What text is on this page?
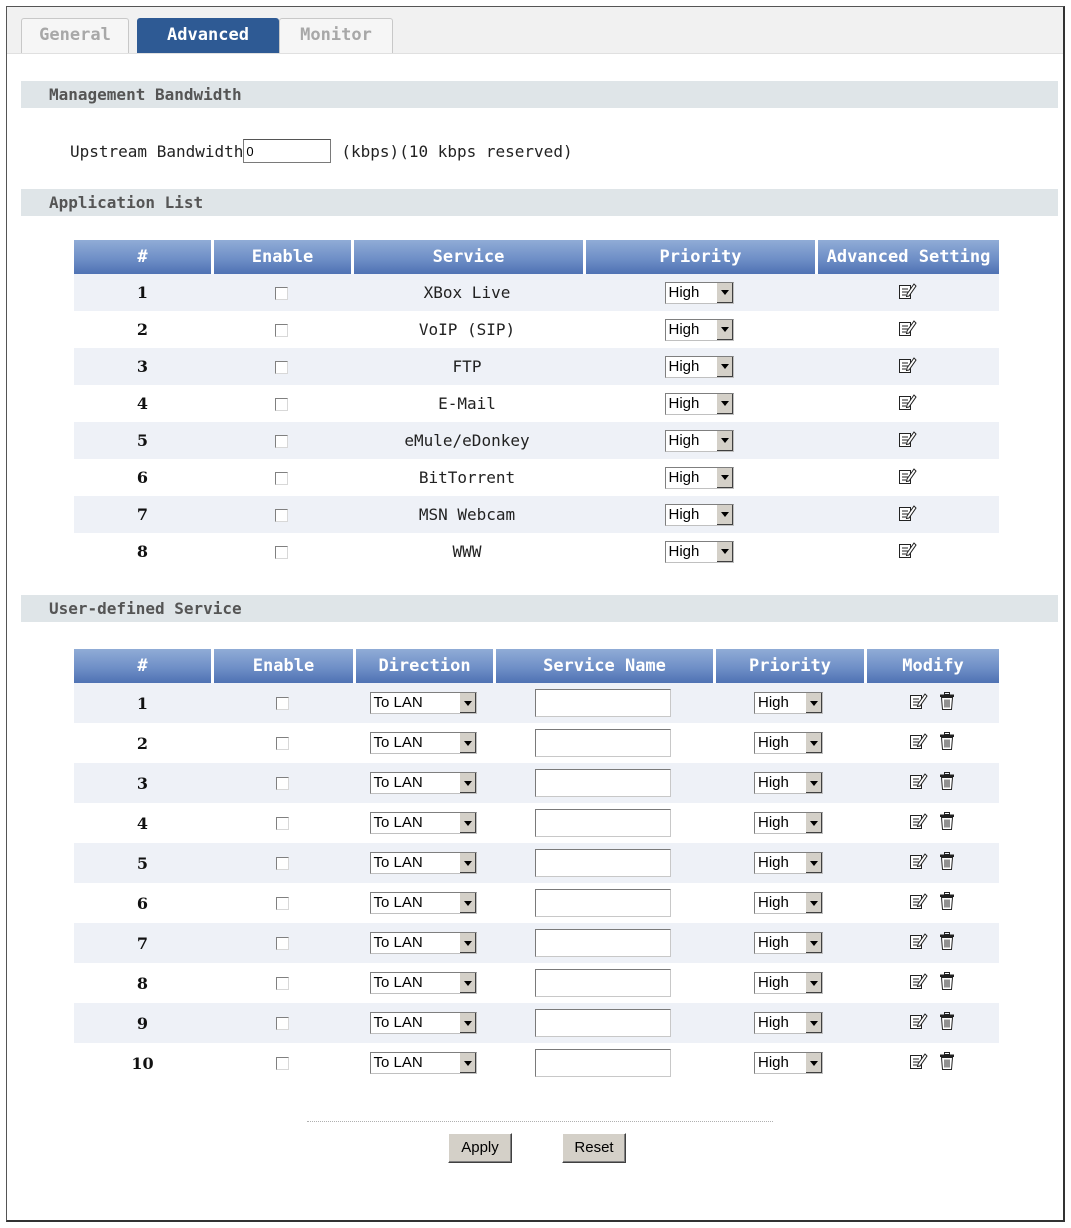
General	Advanced	Monitor
Management Bandwidth
Upstream Bandwidth
0	(kbps)(10 kbps reserved)
Application List
#	Enable	Service	Priority	Advanced Setting
1		XBox Live	High

2		VoIP (SIP)	High

3		FTP	High

4		E-Mail	High

5		eMule/eDonkey	High

6		BitTorrent	High

7		MSN Webcam	High

8		WWW	High

User-defined Service
#	Enable	Direction	Service Name	Priority	Modify
1		To LAN		High

2		To LAN		High

3		To LAN		High

4		To LAN		High

5		To LAN		High

6		To LAN		High

7		To LAN		High

8		To LAN		High

9		To LAN		High

10		To LAN		High

Apply	Reset
